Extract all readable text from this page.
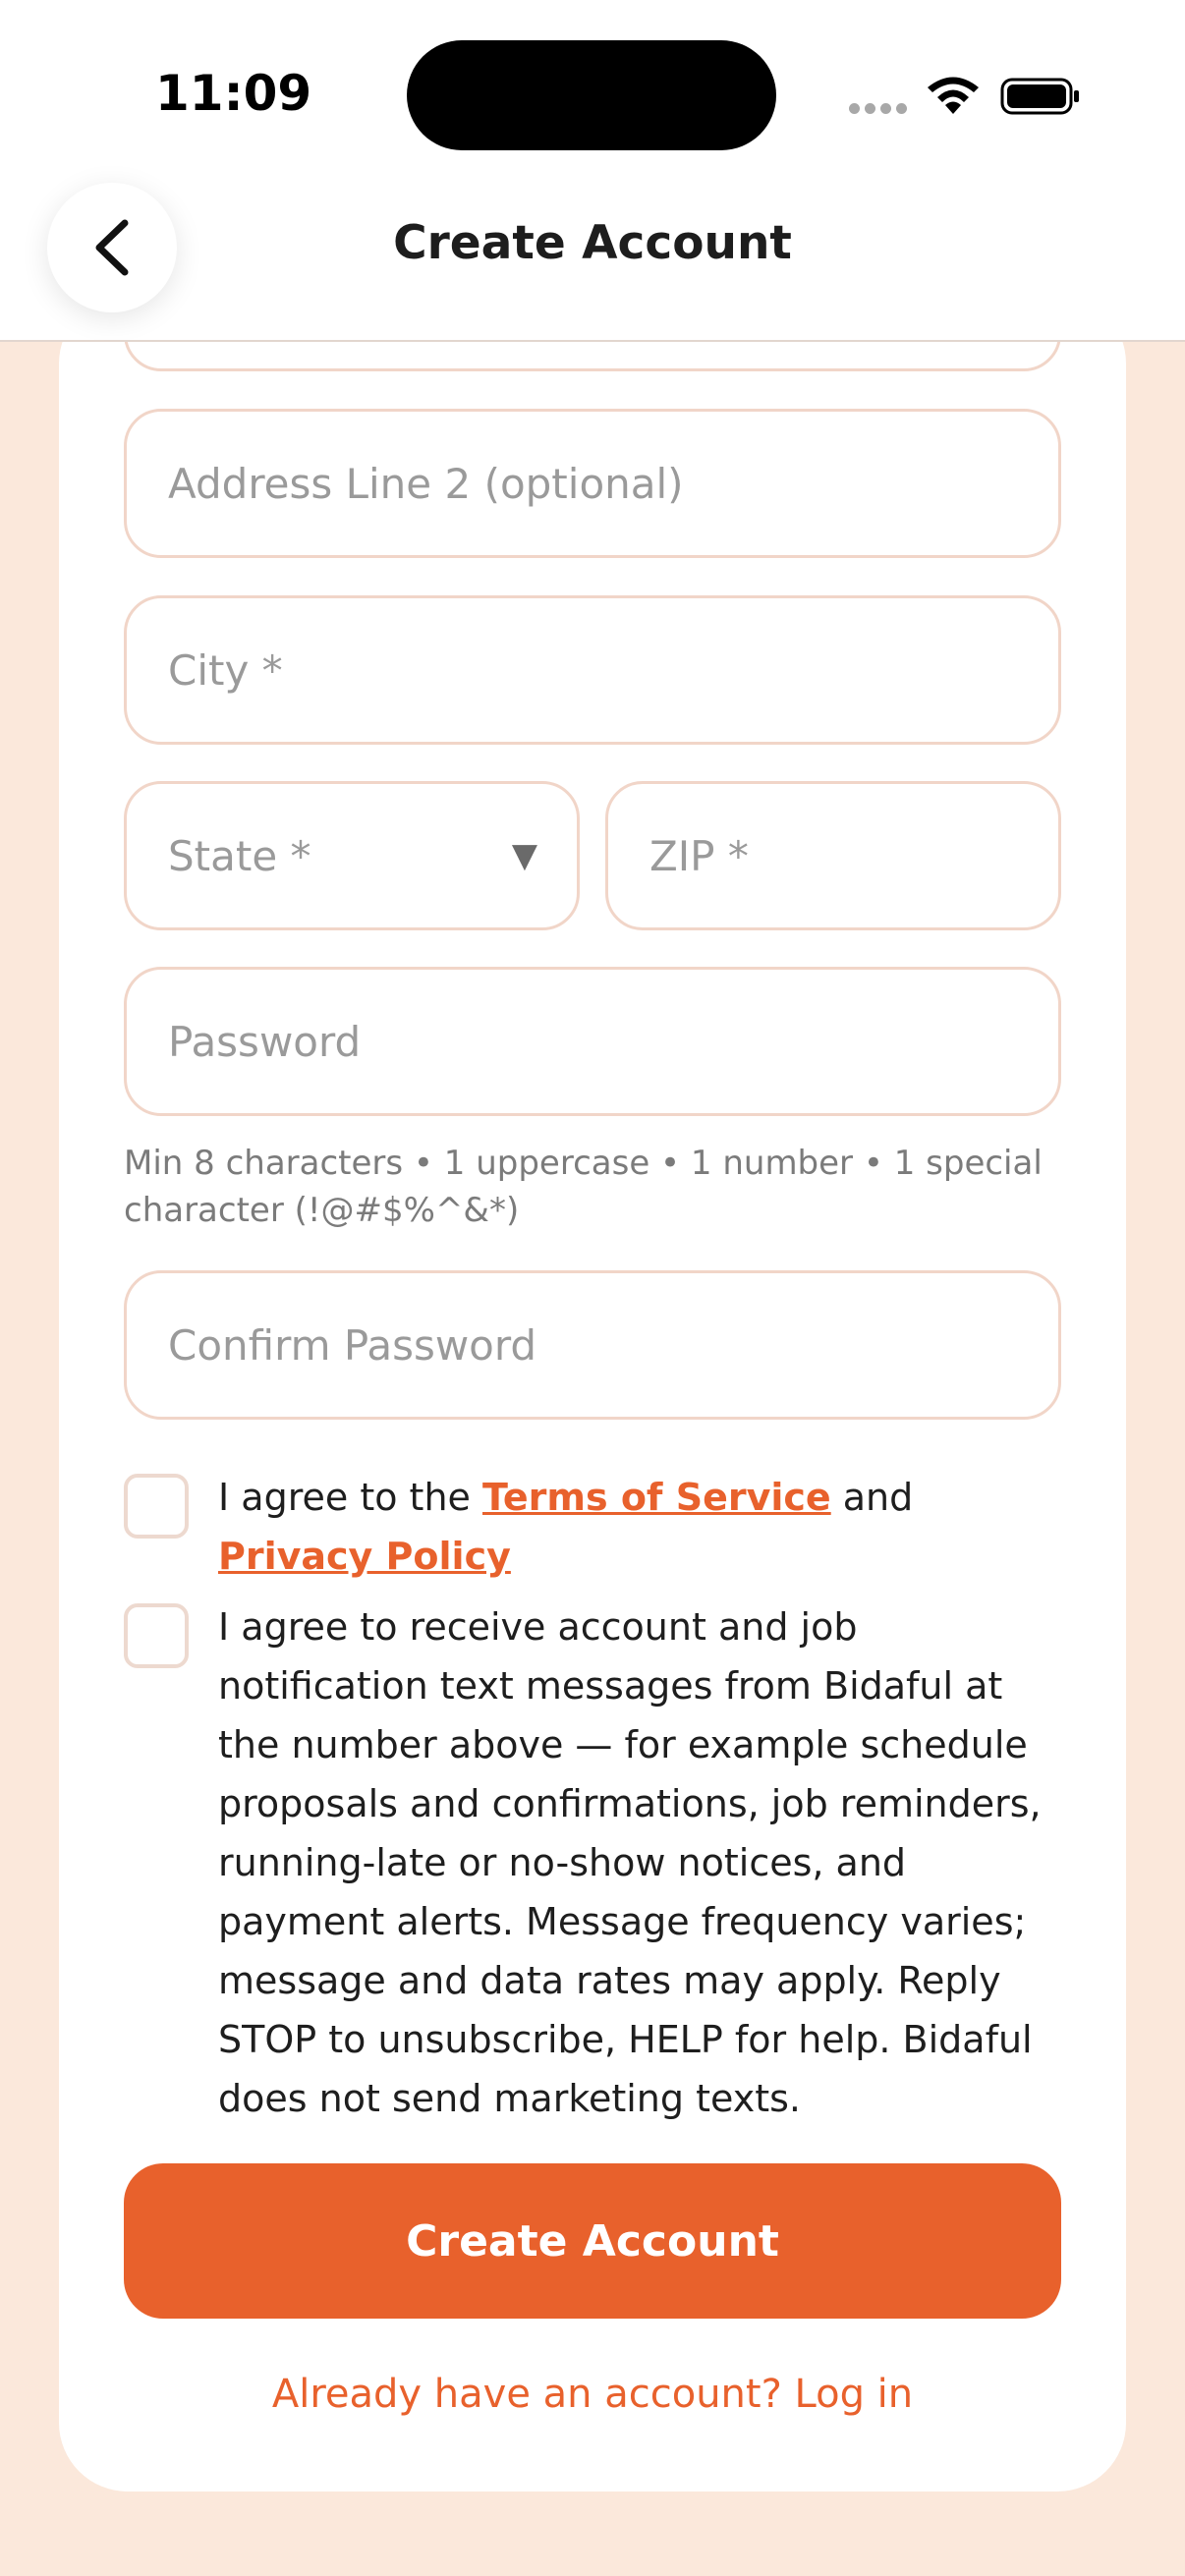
Address Line 2 (optional)
City *
State *	▼	ZIP *
Password
Min 8 characters • 1 uppercase • 1 number • 1 special character (!@#$%^&*)
Confirm Password
I agree to the Terms of Service and Privacy Policy
I agree to receive account and job notification text messages from Bidaful at the number above — for example schedule proposals and confirmations, job reminders, running-late or no-show notices, and payment alerts. Message frequency varies; message and data rates may apply. Reply STOP to unsubscribe, HELP for help. Bidaful does not send marketing texts.
Create Account
Already have an account? Log in
11:09
Create Account
